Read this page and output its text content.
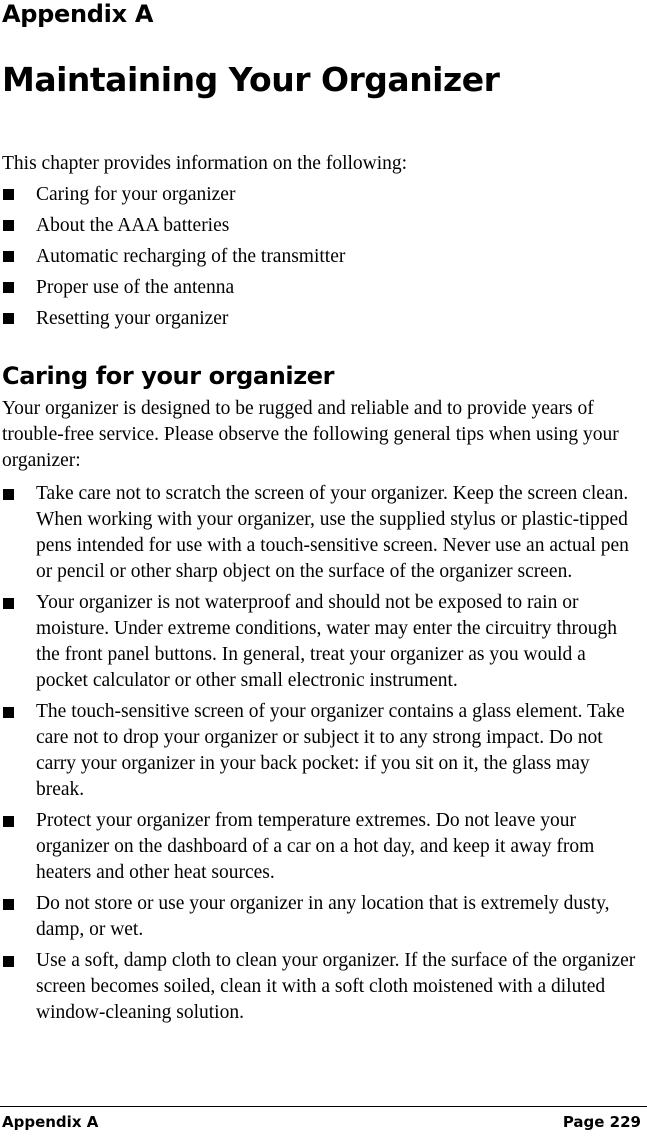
Appendix A
Maintaining Your Organizer

This chapter provides information on the following:

Caring for your organizer
About the AAA batteries
Automatic recharging of the transmitter
Proper use of the antenna
Resetting your organizer
Caring for your organizer

Your organizer is designed to be rugged and reliable and to provide years of trouble-free service. Please observe the following general tips when using your organizer:

Take care not to scratch the screen of your organizer. Keep the screen clean. When working with your organizer, use the supplied stylus or plastic-tipped pens intended for use with a touch-sensitive screen. Never use an actual pen or pencil or other sharp object on the surface of the organizer screen.
Your organizer is not waterproof and should not be exposed to rain or moisture. Under extreme conditions, water may enter the circuitry through the front panel buttons. In general, treat your organizer as you would a pocket calculator or other small electronic instrument.
The touch-sensitive screen of your organizer contains a glass element. Take care not to drop your organizer or subject it to any strong impact. Do not carry your organizer in your back pocket: if you sit on it, the glass may break.
Protect your organizer from temperature extremes. Do not leave your organizer on the dashboard of a car on a hot day, and keep it away from heaters and other heat sources.
Do not store or use your organizer in any location that is extremely dusty, damp, or wet.
Use a soft, damp cloth to clean your organizer. If the surface of the organizer screen becomes soiled, clean it with a soft cloth moistened with a diluted window-cleaning solution.
Appendix A	Page 229
